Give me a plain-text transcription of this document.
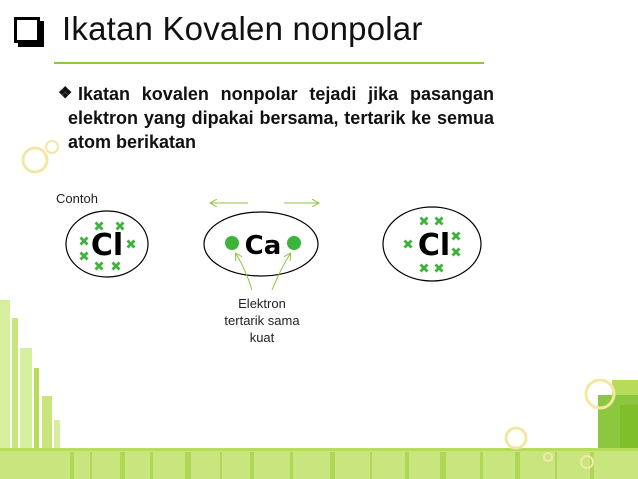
Ikatan Kovalen nonpolar
❖ Ikatan kovalen nonpolar tejadi jika pasangan elektron yang dipakai bersama, tertarik ke semua atom berikatan
Contoh
Cl	Ca	Cl
Elektron
tertarik sama
kuat
